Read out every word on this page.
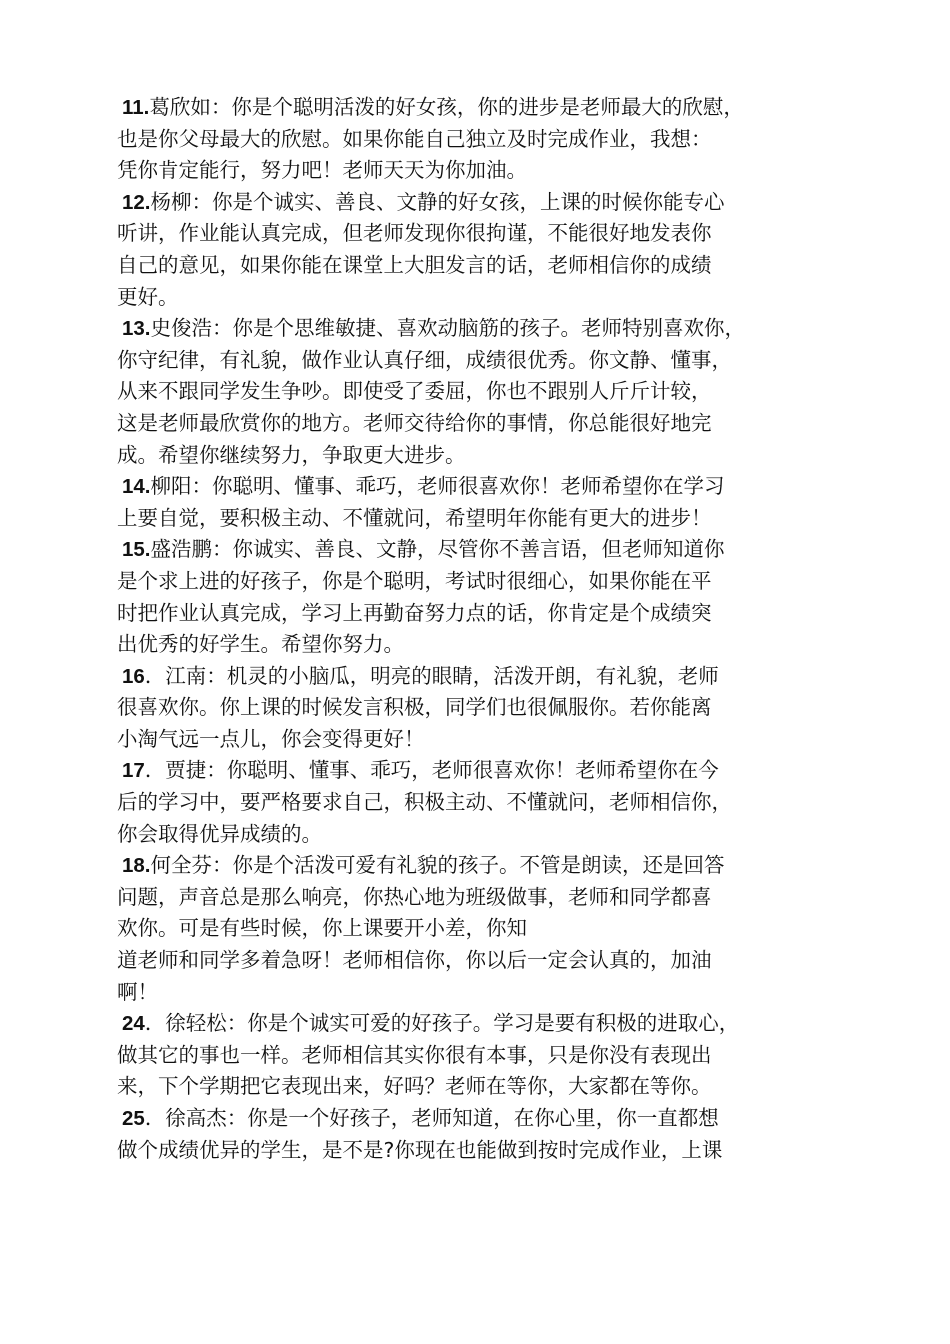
11.葛欣如：你是个聪明活泼的好女孩，你的进步是老师最大的欣慰，
也是你父母最大的欣慰。如果你能自己独立及时完成作业，我想：
凭你肯定能行，努力吧！老师天天为你加油。
12.杨柳：你是个诚实、善良、文静的好女孩，上课的时候你能专心
听讲，作业能认真完成，但老师发现你很拘谨，不能很好地发表你
自己的意见，如果你能在课堂上大胆发言的话，老师相信你的成绩
更好。
13.史俊浩：你是个思维敏捷、喜欢动脑筋的孩子。老师特别喜欢你，
你守纪律，有礼貌，做作业认真仔细，成绩很优秀。你文静、懂事，
从来不跟同学发生争吵。即使受了委屈，你也不跟别人斤斤计较，
这是老师最欣赏你的地方。老师交待给你的事情，你总能很好地完
成。希望你继续努力，争取更大进步。
14.柳阳：你聪明、懂事、乖巧，老师很喜欢你！老师希望你在学习
上要自觉，要积极主动、不懂就问，希望明年你能有更大的进步！
15.盛浩鹏：你诚实、善良、文静，尽管你不善言语，但老师知道你
是个求上进的好孩子，你是个聪明，考试时很细心，如果你能在平
时把作业认真完成，学习上再勤奋努力点的话，你肯定是个成绩突
出优秀的好学生。希望你努力。
16．江南：机灵的小脑瓜，明亮的眼睛，活泼开朗，有礼貌，老师
很喜欢你。你上课的时候发言积极，同学们也很佩服你。若你能离
小淘气远一点儿，你会变得更好！
17．贾捷：你聪明、懂事、乖巧，老师很喜欢你！老师希望你在今
后的学习中，要严格要求自己，积极主动、不懂就问，老师相信你，
你会取得优异成绩的。
18.何全芬：你是个活泼可爱有礼貌的孩子。不管是朗读，还是回答
问题，声音总是那么响亮，你热心地为班级做事，老师和同学都喜
欢你。可是有些时候，你上课要开小差，你知
道老师和同学多着急呀！老师相信你，你以后一定会认真的，加油
啊！
24．徐轻松：你是个诚实可爱的好孩子。学习是要有积极的进取心，
做其它的事也一样。老师相信其实你很有本事，只是你没有表现出
来，下个学期把它表现出来，好吗？老师在等你，大家都在等你。
25．徐高杰：你是一个好孩子，老师知道，在你心里，你一直都想
做个成绩优异的学生，是不是?你现在也能做到按时完成作业，上课
